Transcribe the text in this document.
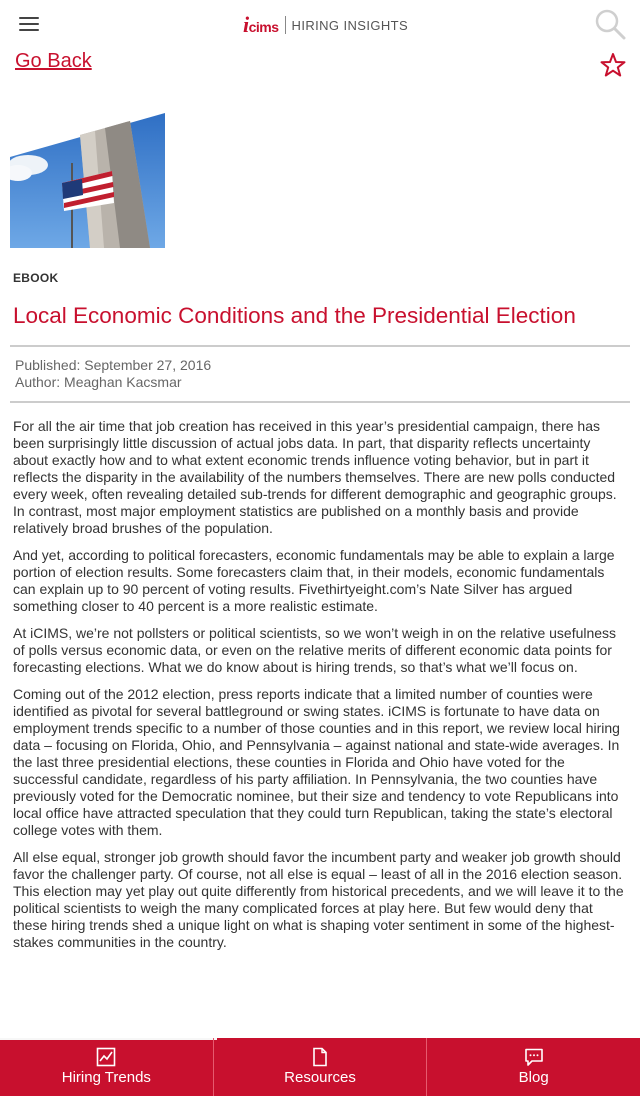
icims HIRING INSIGHTS
Go Back
EBOOK
Local Economic Conditions and the Presidential Election
Published: September 27, 2016
Author: Meaghan Kacsmar

For all the air time that job creation has received in this year’s presidential campaign, there has been surprisingly little discussion of actual jobs data. In part, that disparity reflects uncertainty about exactly how and to what extent economic trends influence voting behavior, but in part it reflects the disparity in the availability of the numbers themselves. There are new polls conducted every week, often revealing detailed sub-trends for different demographic and geographic groups. In contrast, most major employment statistics are published on a monthly basis and provide relatively broad brushes of the population.

And yet, according to political forecasters, economic fundamentals may be able to explain a large portion of election results. Some forecasters claim that, in their models, economic fundamentals can explain up to 90 percent of voting results. Fivethirtyeight.com’s Nate Silver has argued something closer to 40 percent is a more realistic estimate.

At iCIMS, we’re not pollsters or political scientists, so we won’t weigh in on the relative usefulness of polls versus economic data, or even on the relative merits of different economic data points for forecasting elections. What we do know about is hiring trends, so that’s what we’ll focus on.

Coming out of the 2012 election, press reports indicate that a limited number of counties were identified as pivotal for several battleground or swing states. iCIMS is fortunate to have data on employment trends specific to a number of those counties and in this report, we review local hiring data – focusing on Florida, Ohio, and Pennsylvania – against national and state-wide averages. In the last three presidential elections, these counties in Florida and Ohio have voted for the successful candidate, regardless of his party affiliation. In Pennsylvania, the two counties have previously voted for the Democratic nominee, but their size and tendency to vote Republicans into local office have attracted speculation that they could turn Republican, taking the state’s electoral college votes with them.

All else equal, stronger job growth should favor the incumbent party and weaker job growth should favor the challenger party. Of course, not all else is equal – least of all in the 2016 election season. This election may yet play out quite differently from historical precedents, and we will leave it to the political scientists to weigh the many complicated forces at play here. But few would deny that these hiring trends shed a unique light on what is shaping voter sentiment in some of the highest-stakes communities in the country.

Hiring Trends	Resources	Blog
